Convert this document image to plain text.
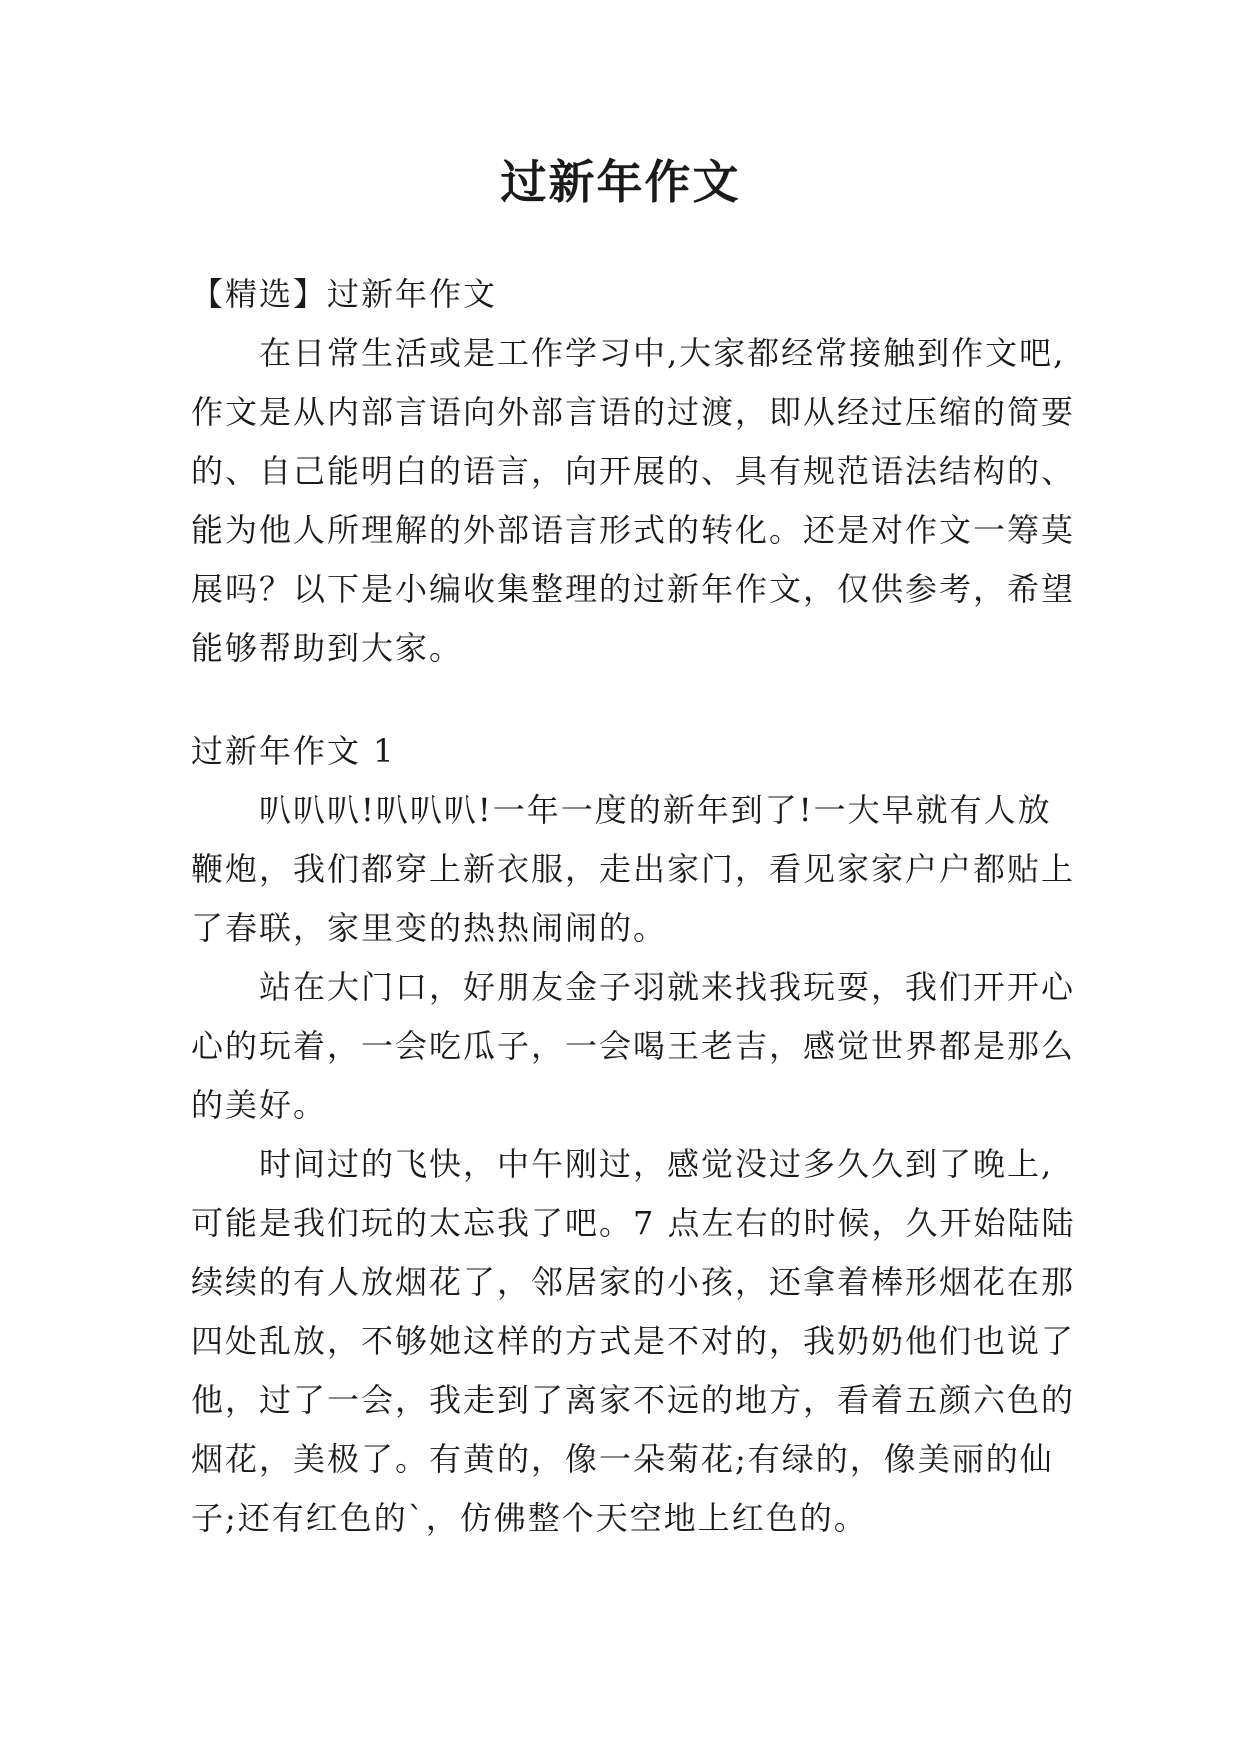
过新年作文
【精选】过新年作文
在日常生活或是工作学习中,大家都经常接触到作文吧,
作文是从内部言语向外部言语的过渡，即从经过压缩的简要
的、自己能明白的语言，向开展的、具有规范语法结构的、
能为他人所理解的外部语言形式的转化。还是对作文一筹莫
展吗？以下是小编收集整理的过新年作文，仅供参考，希望
能够帮助到大家。
过新年作文 1
叭叭叭!叭叭叭!一年一度的新年到了!一大早就有人放
鞭炮，我们都穿上新衣服，走出家门，看见家家户户都贴上
了春联，家里变的热热闹闹的。
站在大门口，好朋友金子羽就来找我玩耍，我们开开心
心的玩着，一会吃瓜子，一会喝王老吉，感觉世界都是那么
的美好。
时间过的飞快，中午刚过，感觉没过多久久到了晚上,
可能是我们玩的太忘我了吧。7 点左右的时候，久开始陆陆
续续的有人放烟花了，邻居家的小孩，还拿着棒形烟花在那
四处乱放，不够她这样的方式是不对的，我奶奶他们也说了
他，过了一会，我走到了离家不远的地方，看着五颜六色的
烟花，美极了。有黄的，像一朵菊花;有绿的，像美丽的仙
子;还有红色的`，仿佛整个天空地上红色的。
